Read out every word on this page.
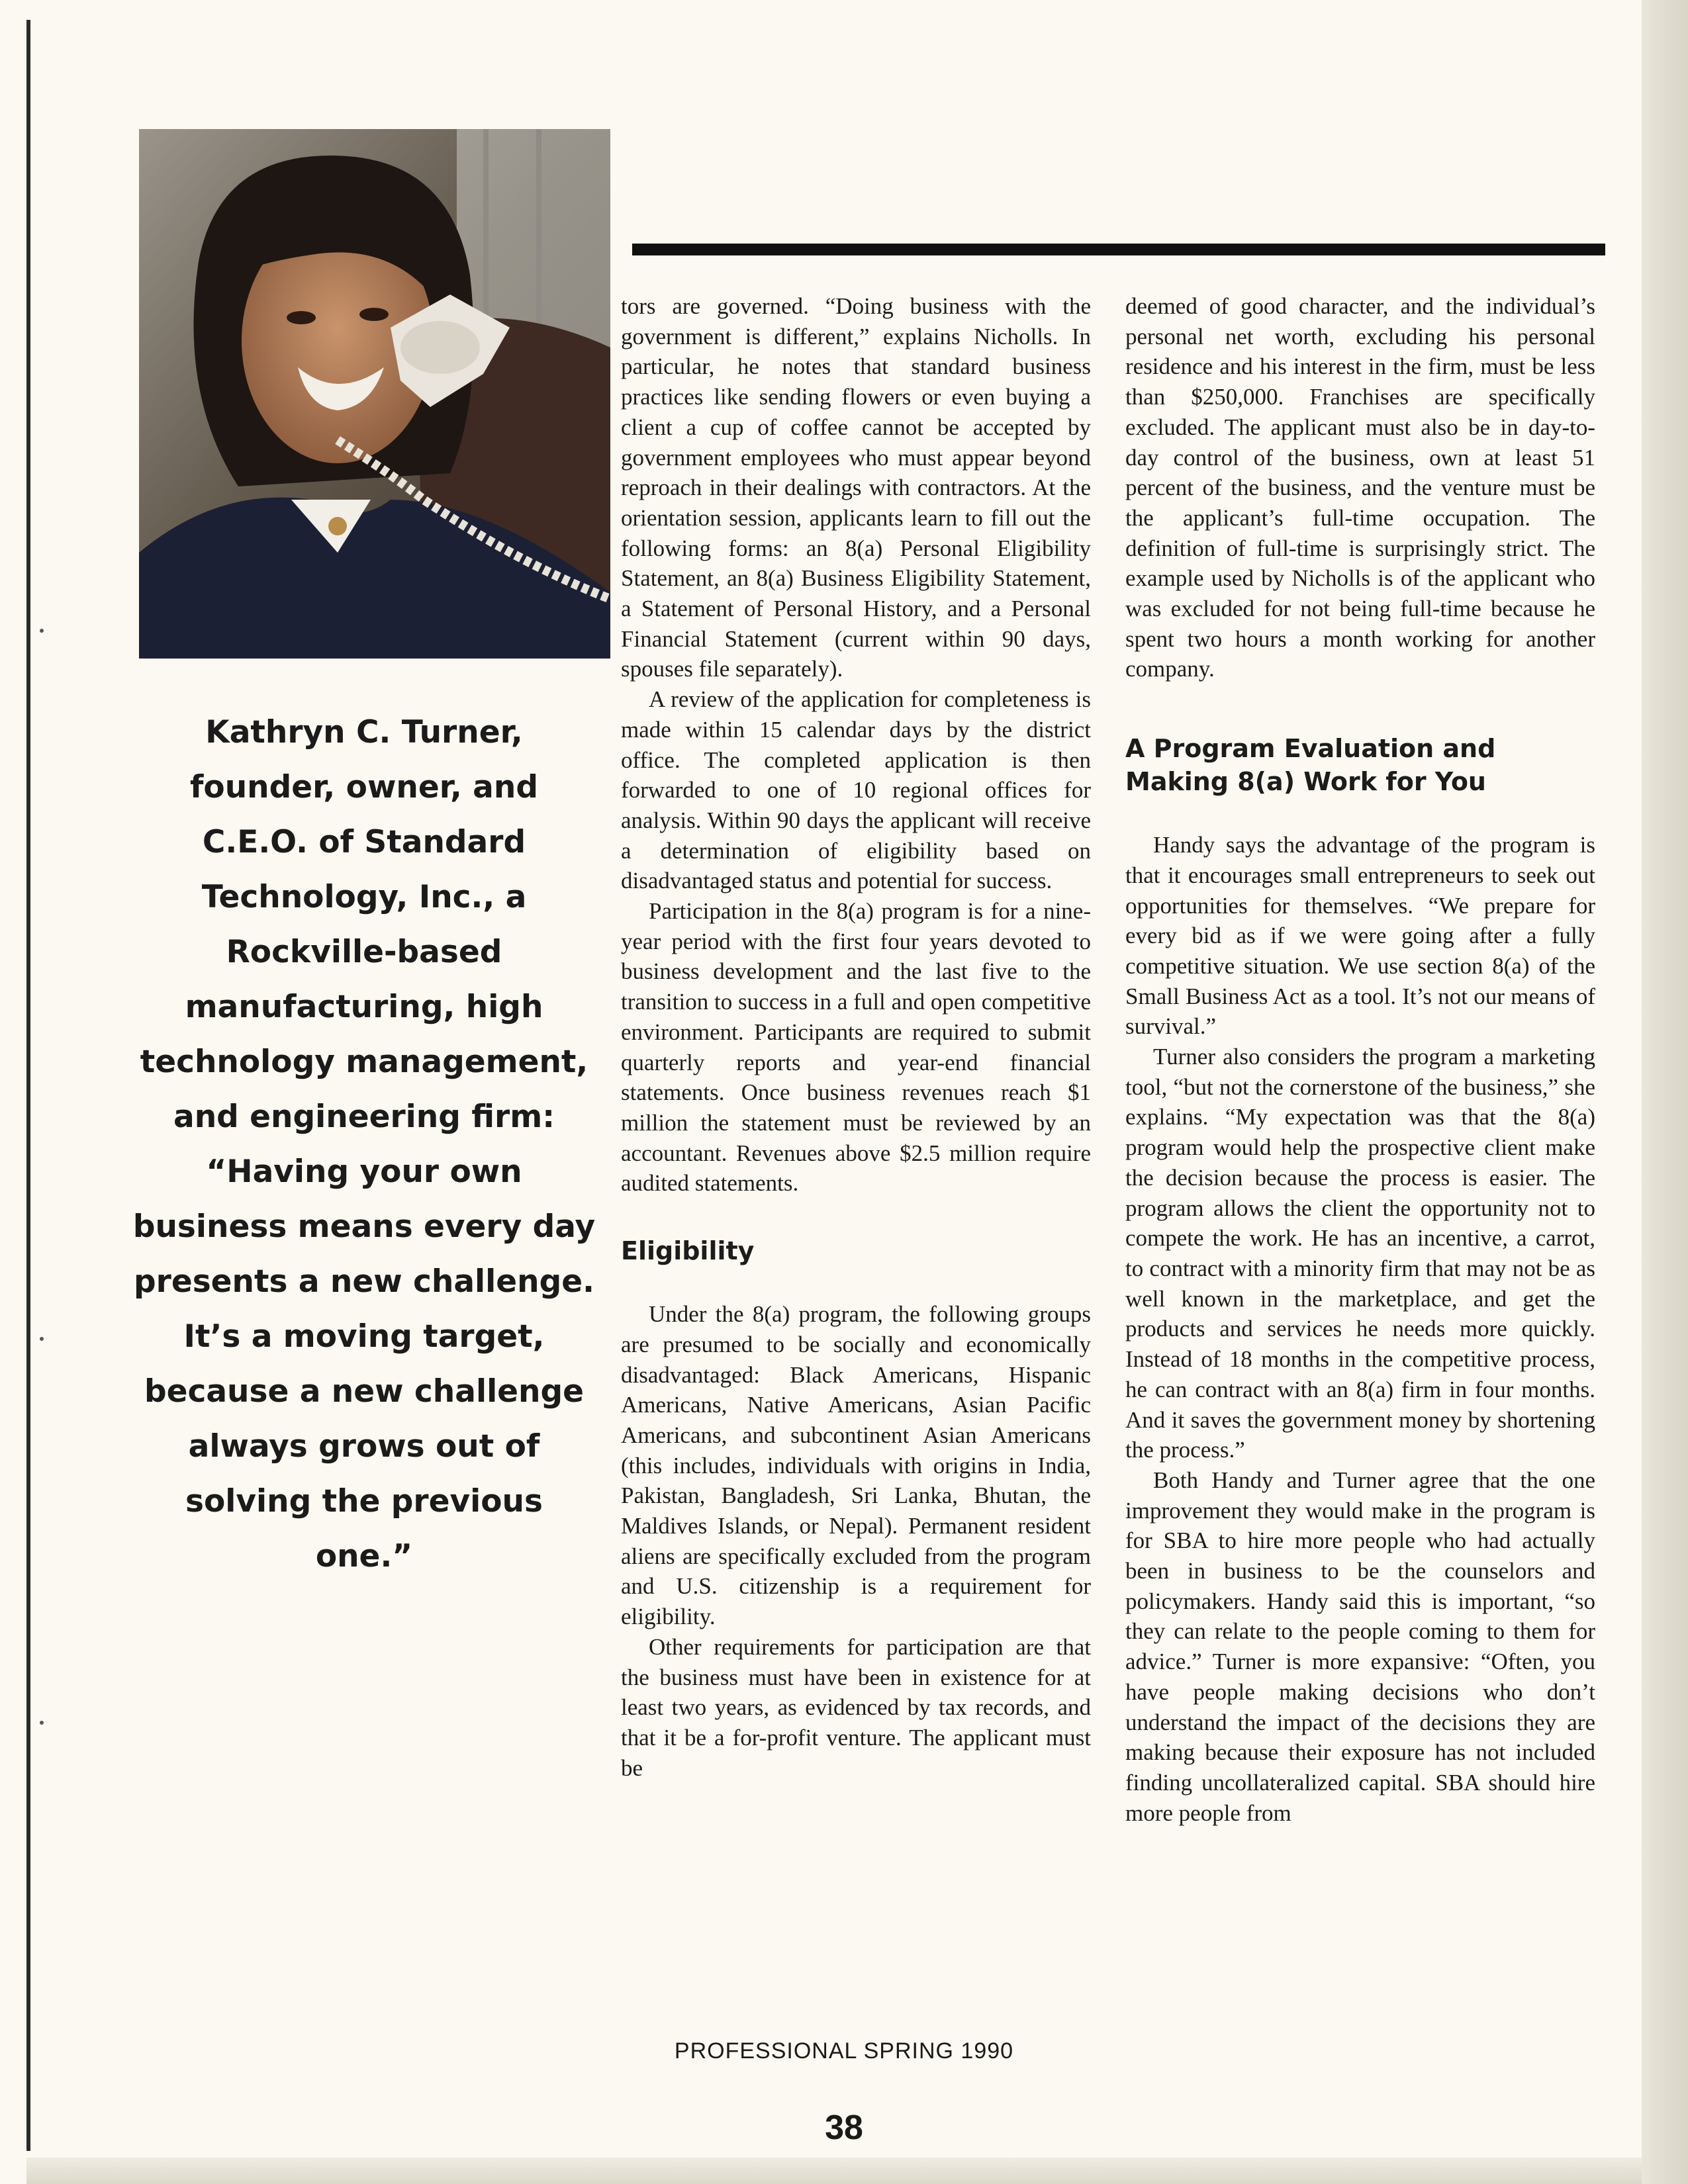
Kathryn C. Turner, founder, owner, and C.E.O. of Standard Technology, Inc., a Rockville-based manufacturing, high technology management, and engineering firm: “Having your own business means every day presents a new challenge. It’s a moving target, because a new challenge always grows out of solving the previous one.”

tors are governed. “Doing business with the government is different,” explains Nicholls. In particular, he notes that standard business practices like sending flowers or even buying a client a cup of coffee cannot be accepted by government employees who must appear beyond reproach in their dealings with contractors. At the orientation session, applicants learn to fill out the following forms: an 8(a) Personal Eligibility Statement, an 8(a) Business Eligibility Statement, a Statement of Personal History, and a Personal Financial Statement (current within 90 days, spouses file separately).

A review of the application for completeness is made within 15 calendar days by the district office. The completed application is then forwarded to one of 10 regional offices for analysis. Within 90 days the applicant will receive a determination of eligibility based on disadvantaged status and potential for success.

Participation in the 8(a) program is for a nine-year period with the first four years devoted to business development and the last five to the transition to success in a full and open competitive environment. Participants are required to submit quarterly reports and year-end financial statements. Once business revenues reach $1 million the statement must be reviewed by an accountant. Revenues above $2.5 million require audited statements.

Eligibility

Under the 8(a) program, the following groups are presumed to be socially and economically disadvantaged: Black Americans, Hispanic Americans, Native Americans, Asian Pacific Americans, and subcontinent Asian Americans (this includes, individuals with origins in India, Pakistan, Bangladesh, Sri Lanka, Bhutan, the Maldives Islands, or Nepal). Permanent resident aliens are specifically excluded from the program and U.S. citizenship is a requirement for eligibility.

Other requirements for participation are that the business must have been in existence for at least two years, as evidenced by tax records, and that it be a for-profit venture. The applicant must be

deemed of good character, and the individual’s personal net worth, excluding his personal residence and his interest in the firm, must be less than $250,000. Franchises are specifically excluded. The applicant must also be in day-to-day control of the business, own at least 51 percent of the business, and the venture must be the applicant’s full-time occupation. The definition of full-time is surprisingly strict. The example used by Nicholls is of the applicant who was excluded for not being full-time because he spent two hours a month working for another company.

A Program Evaluation and Making 8(a) Work for You

Handy says the advantage of the program is that it encourages small entrepreneurs to seek out opportunities for themselves. “We prepare for every bid as if we were going after a fully competitive situation. We use section 8(a) of the Small Business Act as a tool. It’s not our means of survival.”

Turner also considers the program a marketing tool, “but not the cornerstone of the business,” she explains. “My expectation was that the 8(a) program would help the prospective client make the decision because the process is easier. The program allows the client the opportunity not to compete the work. He has an incentive, a carrot, to contract with a minority firm that may not be as well known in the marketplace, and get the products and services he needs more quickly. Instead of 18 months in the competitive process, he can contract with an 8(a) firm in four months. And it saves the government money by shortening the process.”

Both Handy and Turner agree that the one improvement they would make in the program is for SBA to hire more people who had actually been in business to be the counselors and policymakers. Handy said this is important, “so they can relate to the people coming to them for advice.” Turner is more expansive: “Often, you have people making decisions who don’t understand the impact of the decisions they are making because their exposure has not included finding uncollateralized capital. SBA should hire more people from

PROFESSIONAL SPRING 1990
38
